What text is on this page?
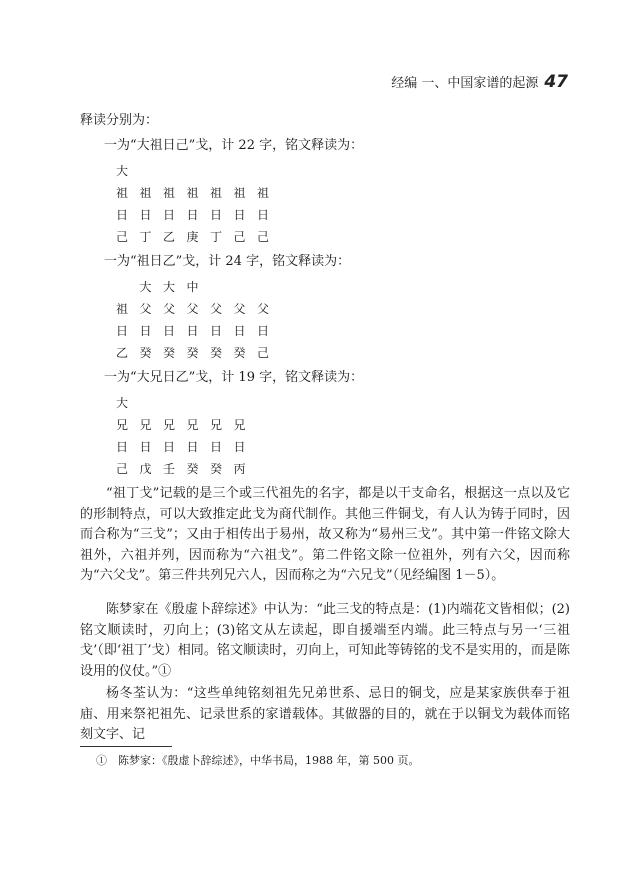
经编 一、中国家谱的起源 47
释读分别为：
一为“大祖日己”戈，计 22 字，铭文释读为：
大
祖 祖 祖 祖 祖 祖 祖
日 日 日 日 日 日 日
己 丁 乙 庚 丁 己 己
一为“祖日乙”戈，计 24 字，铭文释读为：
大 大 中
祖 父 父 父 父 父 父
日 日 日 日 日 日 日
乙 癸 癸 癸 癸 癸 己
一为“大兄日乙”戈，计 19 字，铭文释读为：
大
兄 兄 兄 兄 兄 兄
日 日 日 日 日 日
己 戊 壬 癸 癸 丙
“祖丁戈”记载的是三个或三代祖先的名字，都是以干支命名，根据这一点以及它的形制特点，可以大致推定此戈为商代制作。其他三件铜戈，有人认为铸于同时，因而合称为“三戈”；又由于相传出于易州，故又称为“易州三戈”。其中第一件铭文除大祖外，六祖并列，因而称为“六祖戈”。第二件铭文除一位祖外，列有六父，因而称为“六父戈”。第三件共列兄六人，因而称之为“六兄戈”（见经编图 1－5）。
陈梦家在《殷虚卜辞综述》中认为：“此三戈的特点是：(1)内端花文皆相似；(2)铭文顺读时，刃向上；(3)铭文从左读起，即自援端至内端。此三特点与另一‘三祖戈’（即‘祖丁’戈）相同。铭文顺读时，刃向上，可知此等铸铭的戈不是实用的，而是陈设用的仪仗。”①
杨冬荃认为：“这些单纯铭刻祖先兄弟世系、忌日的铜戈，应是某家族供奉于祖庙、用来祭祀祖先、记录世系的家谱载体。其做器的目的，就在于以铜戈为载体而铭刻文字、记
①　陈梦家：《殷虚卜辞综述》，中华书局，1988 年，第 500 页。
